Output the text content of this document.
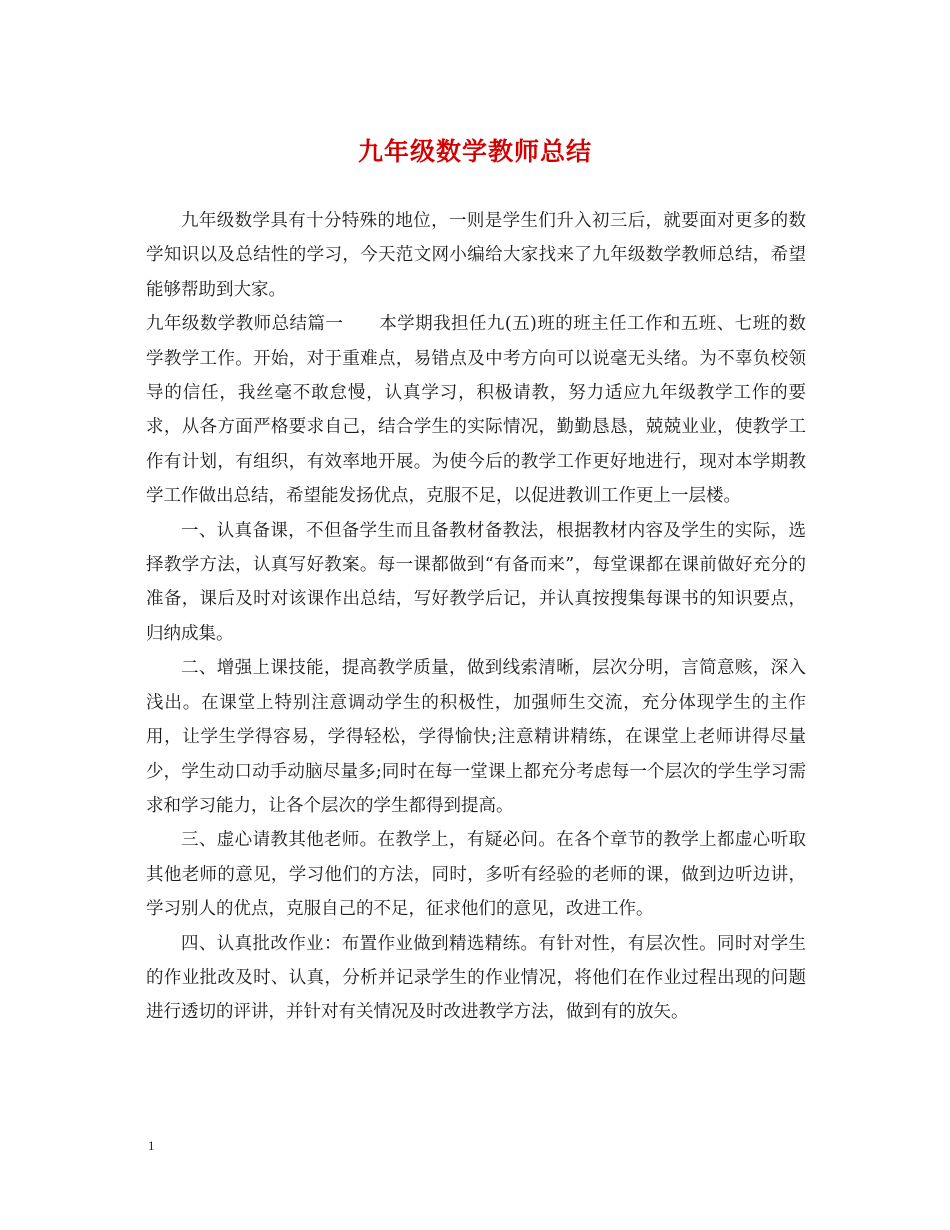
九年级数学教师总结

九年级数学具有十分特殊的地位，一则是学生们升入初三后，就要面对更多的数学知识以及总结性的学习，今天范文网小编给大家找来了九年级数学教师总结，希望能够帮助到大家。

九年级数学教师总结篇一　　本学期我担任九(五)班的班主任工作和五班、七班的数学教学工作。开始，对于重难点，易错点及中考方向可以说毫无头绪。为不辜负校领导的信任，我丝毫不敢怠慢，认真学习，积极请教，努力适应九年级教学工作的要求，从各方面严格要求自己，结合学生的实际情况，勤勤恳恳，兢兢业业，使教学工作有计划，有组织，有效率地开展。为使今后的教学工作更好地进行，现对本学期教学工作做出总结，希望能发扬优点，克服不足，以促进教训工作更上一层楼。

一、认真备课，不但备学生而且备教材备教法，根据教材内容及学生的实际，选择教学方法，认真写好教案。每一课都做到“有备而来”，每堂课都在课前做好充分的准备，课后及时对该课作出总结，写好教学后记，并认真按搜集每课书的知识要点，归纳成集。

二、增强上课技能，提高教学质量，做到线索清晰，层次分明，言简意赅，深入浅出。在课堂上特别注意调动学生的积极性，加强师生交流，充分体现学生的主作用，让学生学得容易，学得轻松，学得愉快;注意精讲精练，在课堂上老师讲得尽量少，学生动口动手动脑尽量多;同时在每一堂课上都充分考虑每一个层次的学生学习需求和学习能力，让各个层次的学生都得到提高。

三、虚心请教其他老师。在教学上，有疑必问。在各个章节的教学上都虚心听取其他老师的意见，学习他们的方法，同时，多听有经验的老师的课，做到边听边讲，学习别人的优点，克服自己的不足，征求他们的意见，改进工作。

四、认真批改作业：布置作业做到精选精练。有针对性，有层次性。同时对学生的作业批改及时、认真，分析并记录学生的作业情况，将他们在作业过程出现的问题进行透切的评讲，并针对有关情况及时改进教学方法，做到有的放矢。

1
